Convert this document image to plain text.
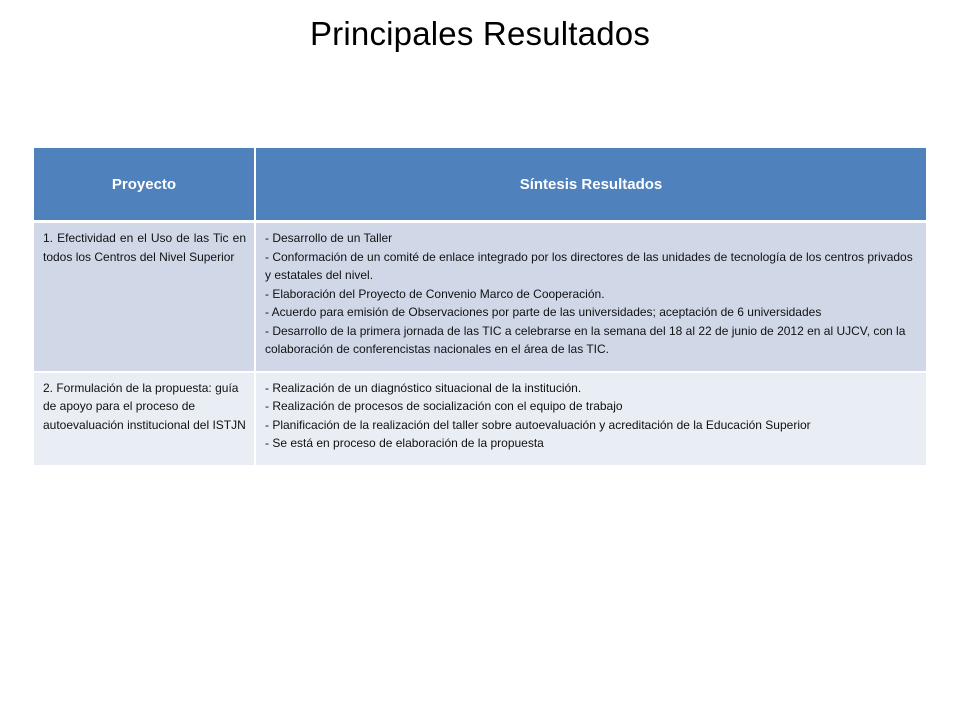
Principales Resultados
Proyecto	Síntesis Resultados
1. Efectividad en el Uso de las Tic en todos los Centros del Nivel Superior	- Desarrollo de un Taller
- Conformación de un comité de enlace integrado por los directores de las unidades de tecnología de los centros privados y estatales del nivel.
- Elaboración del Proyecto de Convenio Marco de Cooperación.
- Acuerdo para emisión de Observaciones por parte de las universidades; aceptación de 6 universidades
- Desarrollo de la primera jornada de las TIC a celebrarse en la semana del 18 al 22 de junio de 2012 en al UJCV, con la colaboración de conferencistas nacionales en el área de las TIC.

2. Formulación de la propuesta: guía de apoyo para el proceso de autoevaluación institucional del ISTJN	- Realización de un diagnóstico situacional de la institución.
- Realización de procesos de socialización con el equipo de trabajo
- Planificación de la realización del taller sobre autoevaluación y acreditación de la Educación Superior
- Se está en proceso de elaboración de la propuesta
